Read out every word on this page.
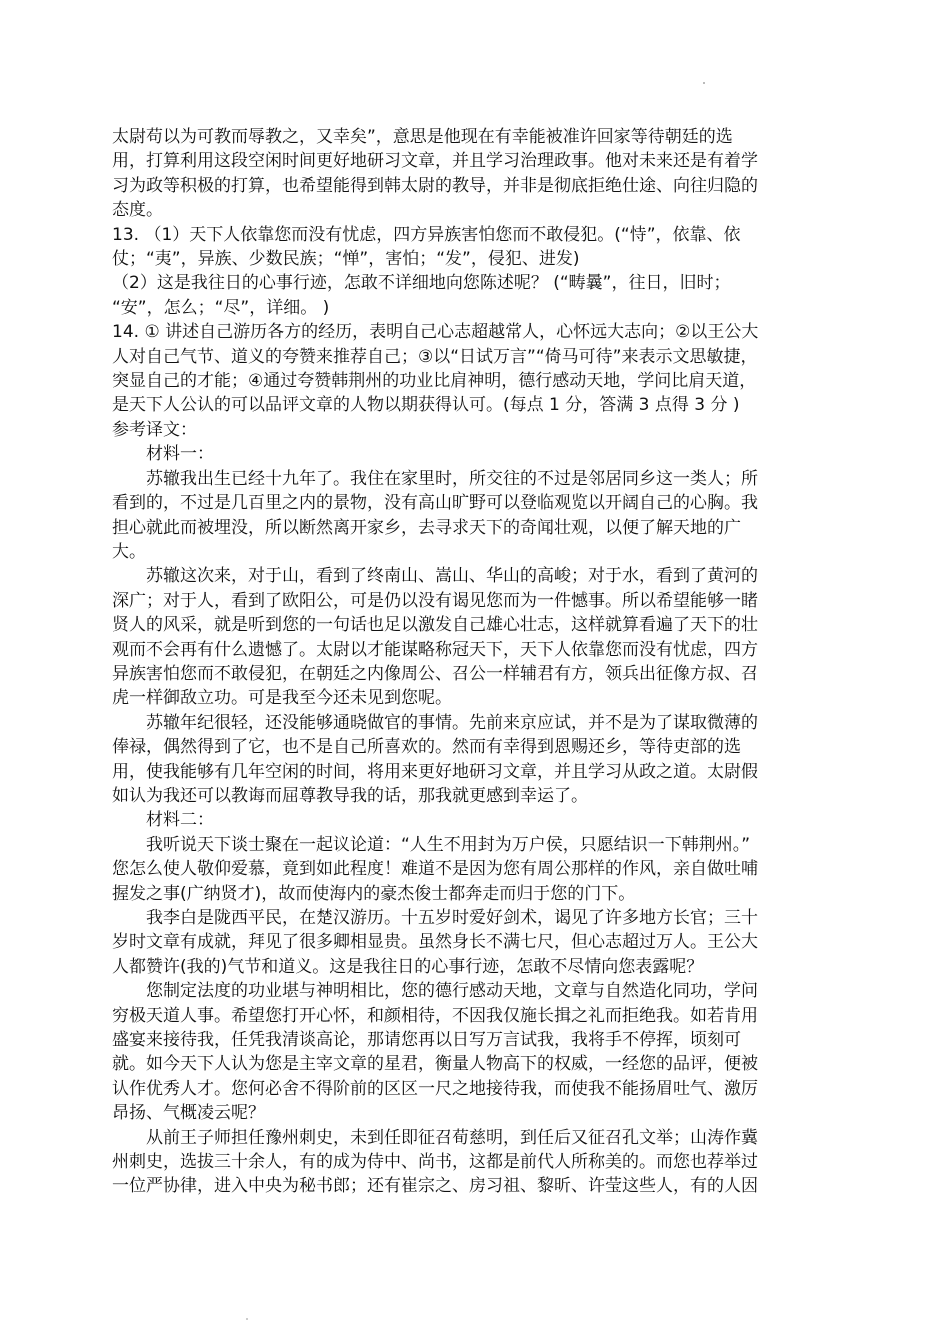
太尉苟以为可教而辱教之，又幸矣”，意思是他现在有幸能被准许回家等待朝廷的选
用，打算利用这段空闲时间更好地研习文章，并且学习治理政事。他对未来还是有着学
习为政等积极的打算，也希望能得到韩太尉的教导，并非是彻底拒绝仕途、向往归隐的
态度。
13. （1）天下人依靠您而没有忧虑，四方异族害怕您而不敢侵犯。(“恃”，依靠、依
仗；“夷”，异族、少数民族；“惮”，害怕；“发”，侵犯、进发)
（2）这是我往日的心事行迹，怎敢不详细地向您陈述呢？ (“畴曩”，往日，旧时；
“安”，怎么；“尽”，详细。 )
14. ① 讲述自己游历各方的经历，表明自己心志超越常人，心怀远大志向；②以王公大
人对自己气节、道义的夸赞来推荐自己；③以“日试万言”“倚马可待”来表示文思敏捷，
突显自己的才能；④通过夸赞韩荆州的功业比肩神明，德行感动天地，学问比肩天道，
是天下人公认的可以品评文章的人物以期获得认可。(每点 1 分，答满 3 点得 3 分 )
参考译文：
材料一：
苏辙我出生已经十九年了。我住在家里时，所交往的不过是邻居同乡这一类人；所
看到的，不过是几百里之内的景物，没有高山旷野可以登临观览以开阔自己的心胸。我
担心就此而被埋没，所以断然离开家乡，去寻求天下的奇闻壮观，以便了解天地的广
大。
苏辙这次来，对于山，看到了终南山、嵩山、华山的高峻；对于水，看到了黄河的
深广；对于人，看到了欧阳公，可是仍以没有谒见您而为一件憾事。所以希望能够一睹
贤人的风采，就是听到您的一句话也足以激发自己雄心壮志，这样就算看遍了天下的壮
观而不会再有什么遗憾了。太尉以才能谋略称冠天下，天下人依靠您而没有忧虑，四方
异族害怕您而不敢侵犯，在朝廷之内像周公、召公一样辅君有方，领兵出征像方叔、召
虎一样御敌立功。可是我至今还未见到您呢。
苏辙年纪很轻，还没能够通晓做官的事情。先前来京应试，并不是为了谋取微薄的
俸禄，偶然得到了它，也不是自己所喜欢的。然而有幸得到恩赐还乡，等待吏部的选
用，使我能够有几年空闲的时间，将用来更好地研习文章，并且学习从政之道。太尉假
如认为我还可以教诲而屈尊教导我的话，那我就更感到幸运了。
材料二：
我听说天下谈士聚在一起议论道：“人生不用封为万户侯，只愿结识一下韩荆州。”
您怎么使人敬仰爱慕，竟到如此程度！难道不是因为您有周公那样的作风，亲自做吐哺
握发之事(广纳贤才)，故而使海内的豪杰俊士都奔走而归于您的门下。
我李白是陇西平民，在楚汉游历。十五岁时爱好剑术，谒见了许多地方长官；三十
岁时文章有成就，拜见了很多卿相显贵。虽然身长不满七尺，但心志超过万人。王公大
人都赞许(我的)气节和道义。这是我往日的心事行迹，怎敢不尽情向您表露呢？
您制定法度的功业堪与神明相比，您的德行感动天地，文章与自然造化同功，学问
穷极天道人事。希望您打开心怀，和颜相待，不因我仅施长揖之礼而拒绝我。如若肯用
盛宴来接待我，任凭我清谈高论，那请您再以日写万言试我，我将手不停挥，顷刻可
就。如今天下人认为您是主宰文章的星君，衡量人物高下的权威，一经您的品评，便被
认作优秀人才。您何必舍不得阶前的区区一尺之地接待我，而使我不能扬眉吐气、激厉
昂扬、气概凌云呢？
从前王子师担任豫州刺史，未到任即征召荀慈明，到任后又征召孔文举；山涛作冀
州刺史，选拔三十余人，有的成为侍中、尚书，这都是前代人所称美的。而您也荐举过
一位严协律，进入中央为秘书郎；还有崔宗之、房习祖、黎昕、许莹这些人，有的人因
